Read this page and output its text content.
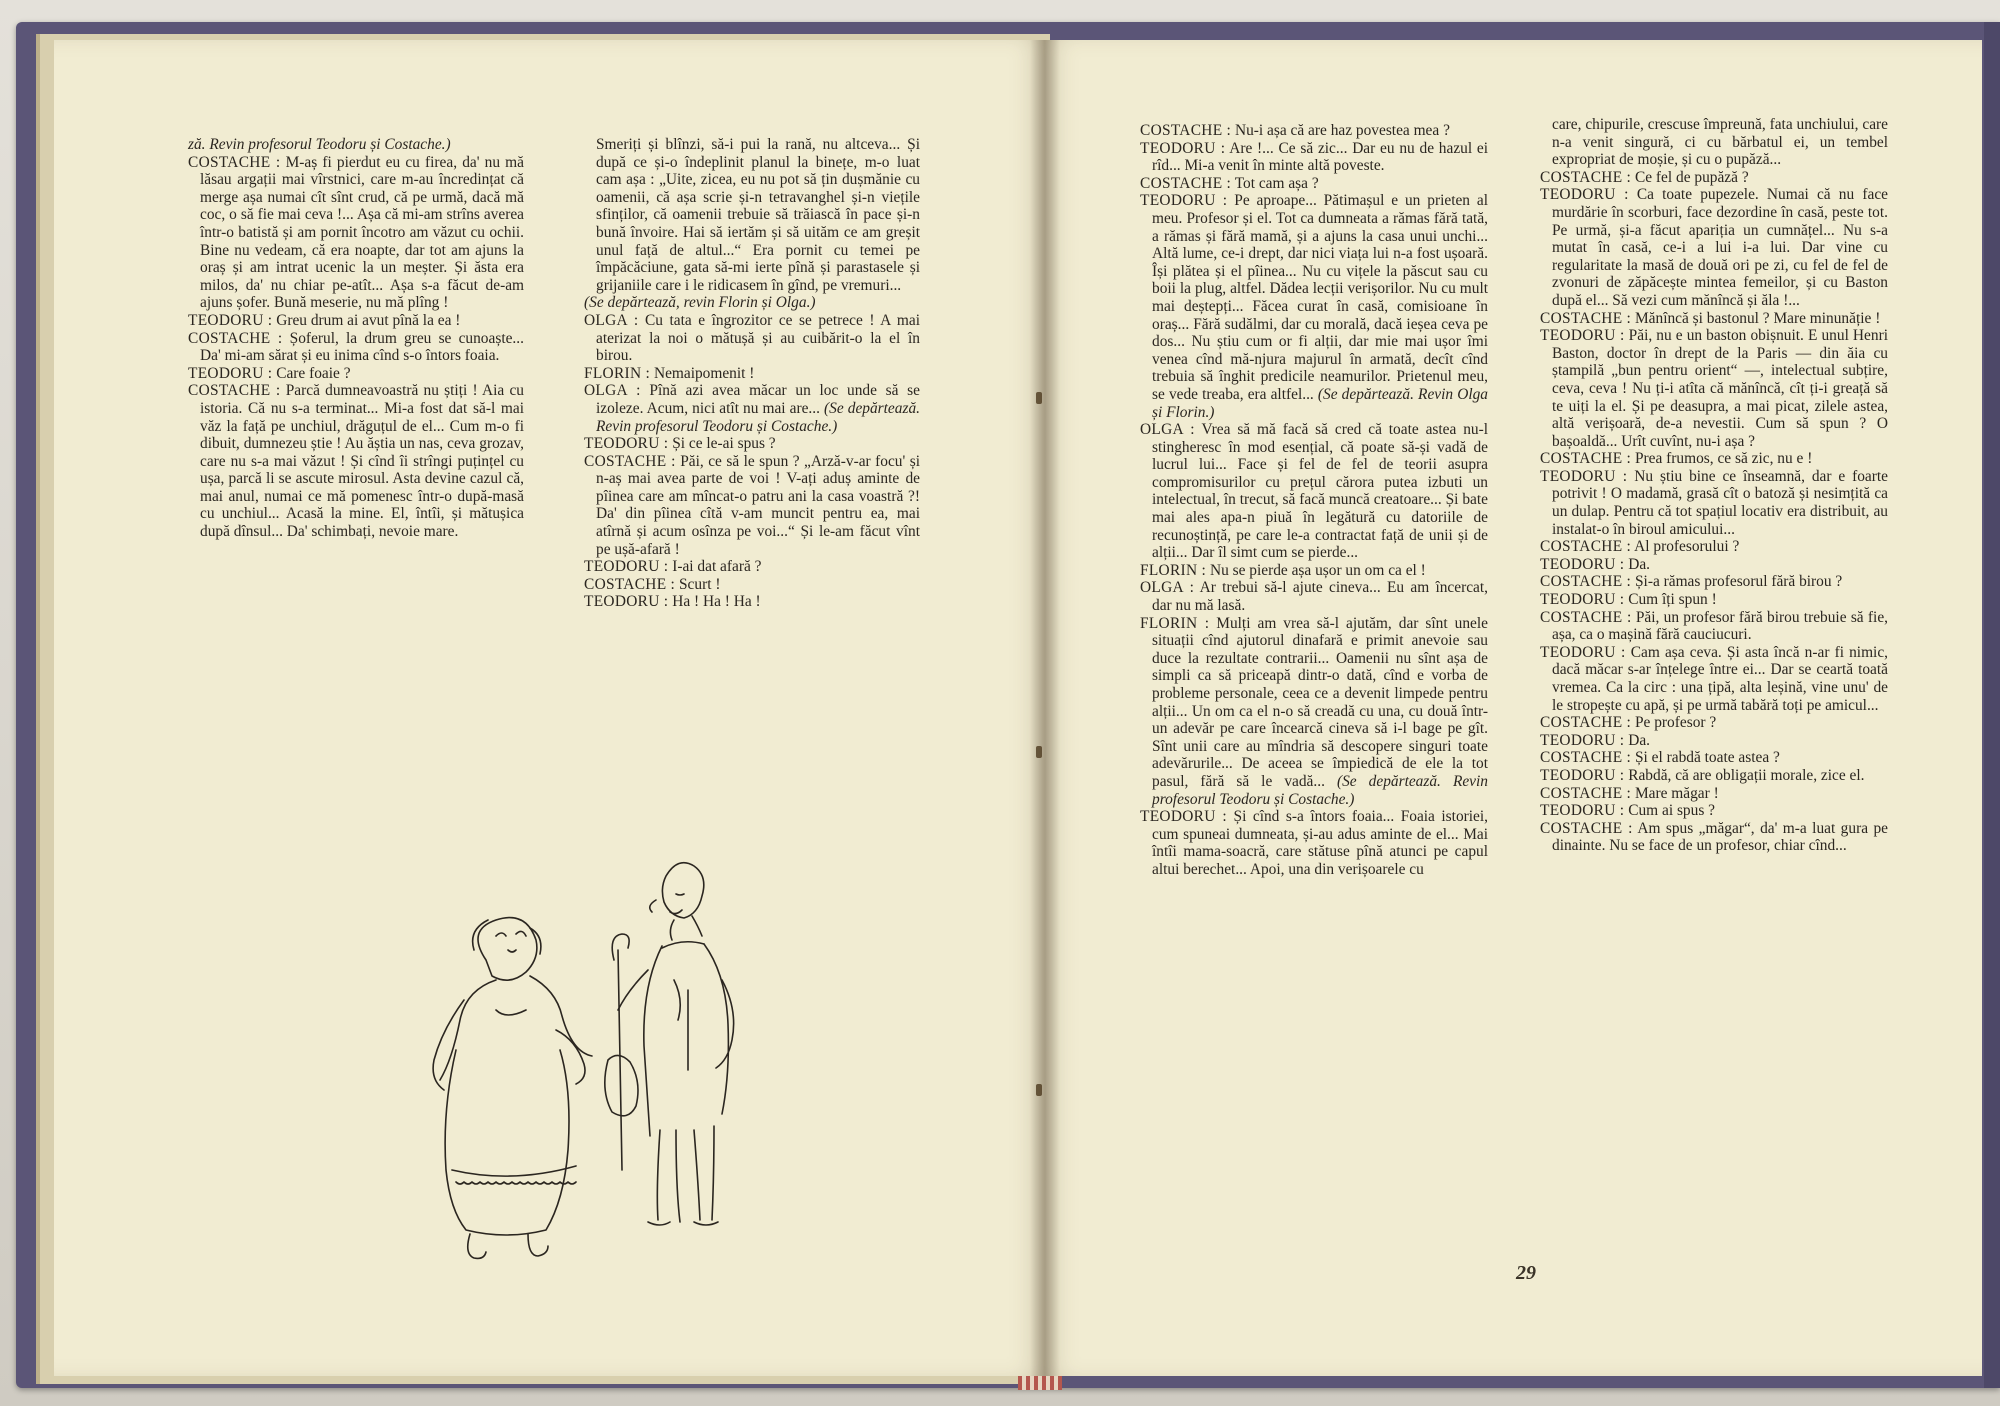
ză. Revin profesorul Teodoru și Costache.)

COSTACHE : M-aș fi pierdut eu cu firea, da' nu mă lăsau argații mai vîrstnici, care m-au încredințat că merge așa numai cît sînt crud, că pe urmă, dacă mă coc, o să fie mai ceva !... Așa că mi-am strîns averea într-o batistă și am pornit încotro am văzut cu ochii. Bine nu vedeam, că era noapte, dar tot am ajuns la oraș și am intrat ucenic la un meșter. Și ăsta era milos, da' nu chiar pe-atît... Așa s-a făcut de-am ajuns șofer. Bună meserie, nu mă plîng !

TEODORU : Greu drum ai avut pînă la ea !

COSTACHE : Șoferul, la drum greu se cunoaște... Da' mi-am sărat și eu inima cînd s-o întors foaia.

TEODORU : Care foaie ?

COSTACHE : Parcă dumneavoastră nu știți ! Aia cu istoria. Că nu s-a terminat... Mi-a fost dat să-l mai văz la față pe unchiul, drăguțul de el... Cum m-o fi dibuit, dumnezeu știe ! Au ăștia un nas, ceva grozav, care nu s-a mai văzut ! Și cînd îi strîngi puțințel cu ușa, parcă li se ascute mirosul. Asta devine cazul că, mai anul, numai ce mă pomenesc într-o după-masă cu unchiul... Acasă la mine. El, întîi, și mătușica după dînsul... Da' schimbați, nevoie mare.

Smeriți și blînzi, să-i pui la rană, nu altceva... Și după ce și-o îndeplinit planul la binețe, m-o luat cam așa : „Uite, zicea, eu nu pot să țin dușmănie cu oamenii, că așa scrie și-n tetravanghel și-n viețile sfinților, că oamenii trebuie să trăiască în pace și-n bună învoire. Hai să iertăm și să uităm ce am greșit unul față de altul...“ Era pornit cu temei pe împăcăciune, gata să-mi ierte pînă și parastasele și grijaniile care i le ridicasem în gînd, pe vremuri...

(Se depărtează, revin Florin și Olga.)

OLGA : Cu tata e îngrozitor ce se petrece ! A mai aterizat la noi o mătușă și au cuibărit-o la el în birou.

FLORIN : Nemaipomenit !

OLGA : Pînă azi avea măcar un loc unde să se izoleze. Acum, nici atît nu mai are... (Se depărtează. Revin profesorul Teodoru și Costache.)

TEODORU : Și ce le-ai spus ?

COSTACHE : Păi, ce să le spun ? „Arză-v-ar focu' și n-aș mai avea parte de voi ! V-ați aduș aminte de pîinea care am mîncat-o patru ani la casa voastră ?! Da' din pîinea cîtă v-am muncit pentru ea, mai atîrnă și acum osînza pe voi...“ Și le-am făcut vînt pe ușă-afară !

TEODORU : I-ai dat afară ?

COSTACHE : Scurt !

TEODORU : Ha ! Ha ! Ha !

COSTACHE : Nu-i așa că are haz povestea mea ?

TEODORU : Are !... Ce să zic... Dar eu nu de hazul ei rîd... Mi-a venit în minte altă poveste.

COSTACHE : Tot cam așa ?

TEODORU : Pe aproape... Pătimașul e un prieten al meu. Profesor și el. Tot ca dumneata a rămas fără tată, a rămas și fără mamă, și a ajuns la casa unui unchi... Altă lume, ce-i drept, dar nici viața lui n-a fost ușoară. Își plătea și el pîinea... Nu cu vițele la păscut sau cu boii la plug, altfel. Dădea lecții verișorilor. Nu cu mult mai deștepți... Făcea curat în casă, comisioane în oraș... Fără sudălmi, dar cu morală, dacă ieșea ceva pe dos... Nu știu cum or fi alții, dar mie mai ușor îmi venea cînd mă-njura majurul în armată, decît cînd trebuia să înghit predicile neamurilor. Prietenul meu, se vede treaba, era altfel... (Se depărtează. Revin Olga și Florin.)

OLGA : Vrea să mă facă să cred că toate astea nu-l stingheresc în mod esențial, că poate să-și vadă de lucrul lui... Face și fel de fel de teorii asupra compromisurilor cu prețul cărora putea izbuti un intelectual, în trecut, să facă muncă creatoare... Și bate mai ales apa-n piuă în legătură cu datoriile de recunoștință, pe care le-a contractat față de unii și de alții... Dar îl simt cum se pierde...

FLORIN : Nu se pierde așa ușor un om ca el !

OLGA : Ar trebui să-l ajute cineva... Eu am încercat, dar nu mă lasă.

FLORIN : Mulți am vrea să-l ajutăm, dar sînt unele situații cînd ajutorul dinafară e primit anevoie sau duce la rezultate contrarii... Oamenii nu sînt așa de simpli ca să priceapă dintr-o dată, cînd e vorba de probleme personale, ceea ce a devenit limpede pentru alții... Un om ca el n-o să creadă cu una, cu două într-un adevăr pe care încearcă cineva să i-l bage pe gît. Sînt unii care au mîndria să descopere singuri toate adevărurile... De aceea se împiedică de ele la tot pasul, fără să le vadă... (Se depărtează. Revin profesorul Teodoru și Costache.)

TEODORU : Și cînd s-a întors foaia... Foaia istoriei, cum spuneai dumneata, și-au adus aminte de el... Mai întîi mama-soacră, care stătuse pînă atunci pe capul altui berechet... Apoi, una din verișoarele cu

care, chipurile, crescuse împreună, fata unchiului, care n-a venit singură, ci cu bărbatul ei, un tembel expropriat de moșie, și cu o pupăză...

COSTACHE : Ce fel de pupăză ?

TEODORU : Ca toate pupezele. Numai că nu face murdărie în scorburi, face dezordine în casă, peste tot. Pe urmă, și-a făcut apariția un cumnățel... Nu s-a mutat în casă, ce-i a lui i-a lui. Dar vine cu regularitate la masă de două ori pe zi, cu fel de fel de zvonuri de zăpăcește mintea femeilor, și cu Baston după el... Să vezi cum mănîncă și ăla !...

COSTACHE : Mănîncă și bastonul ? Mare minunăție !

TEODORU : Păi, nu e un baston obișnuit. E unul Henri Baston, doctor în drept de la Paris — din ăia cu ștampilă „bun pentru orient“ —, intelectual subțire, ceva, ceva ! Nu ți-i atîta că mănîncă, cît ți-i greață să te uiți la el. Și pe deasupra, a mai picat, zilele astea, altă verișoară, de-a nevestii. Cum să spun ? O bașoaldă... Urît cuvînt, nu-i așa ?

COSTACHE : Prea frumos, ce să zic, nu e !

TEODORU : Nu știu bine ce înseamnă, dar e foarte potrivit ! O madamă, grasă cît o batoză și nesimțită ca un dulap. Pentru că tot spațiul locativ era distribuit, au instalat-o în biroul amicului...

COSTACHE : Al profesorului ?

TEODORU : Da.

COSTACHE : Și-a rămas profesorul fără birou ?

TEODORU : Cum îți spun !

COSTACHE : Păi, un profesor fără birou trebuie să fie, așa, ca o mașină fără cauciucuri.

TEODORU : Cam așa ceva. Și asta încă n-ar fi nimic, dacă măcar s-ar înțelege între ei... Dar se ceartă toată vremea. Ca la circ : una țipă, alta leșină, vine unu' de le stropește cu apă, și pe urmă tabără toți pe amicul...

COSTACHE : Pe profesor ?

TEODORU : Da.

COSTACHE : Și el rabdă toate astea ?

TEODORU : Rabdă, că are obligații morale, zice el.

COSTACHE : Mare măgar !

TEODORU : Cum ai spus ?

COSTACHE : Am spus „măgar“, da' m-a luat gura pe dinainte. Nu se face de un profesor, chiar cînd...

29
